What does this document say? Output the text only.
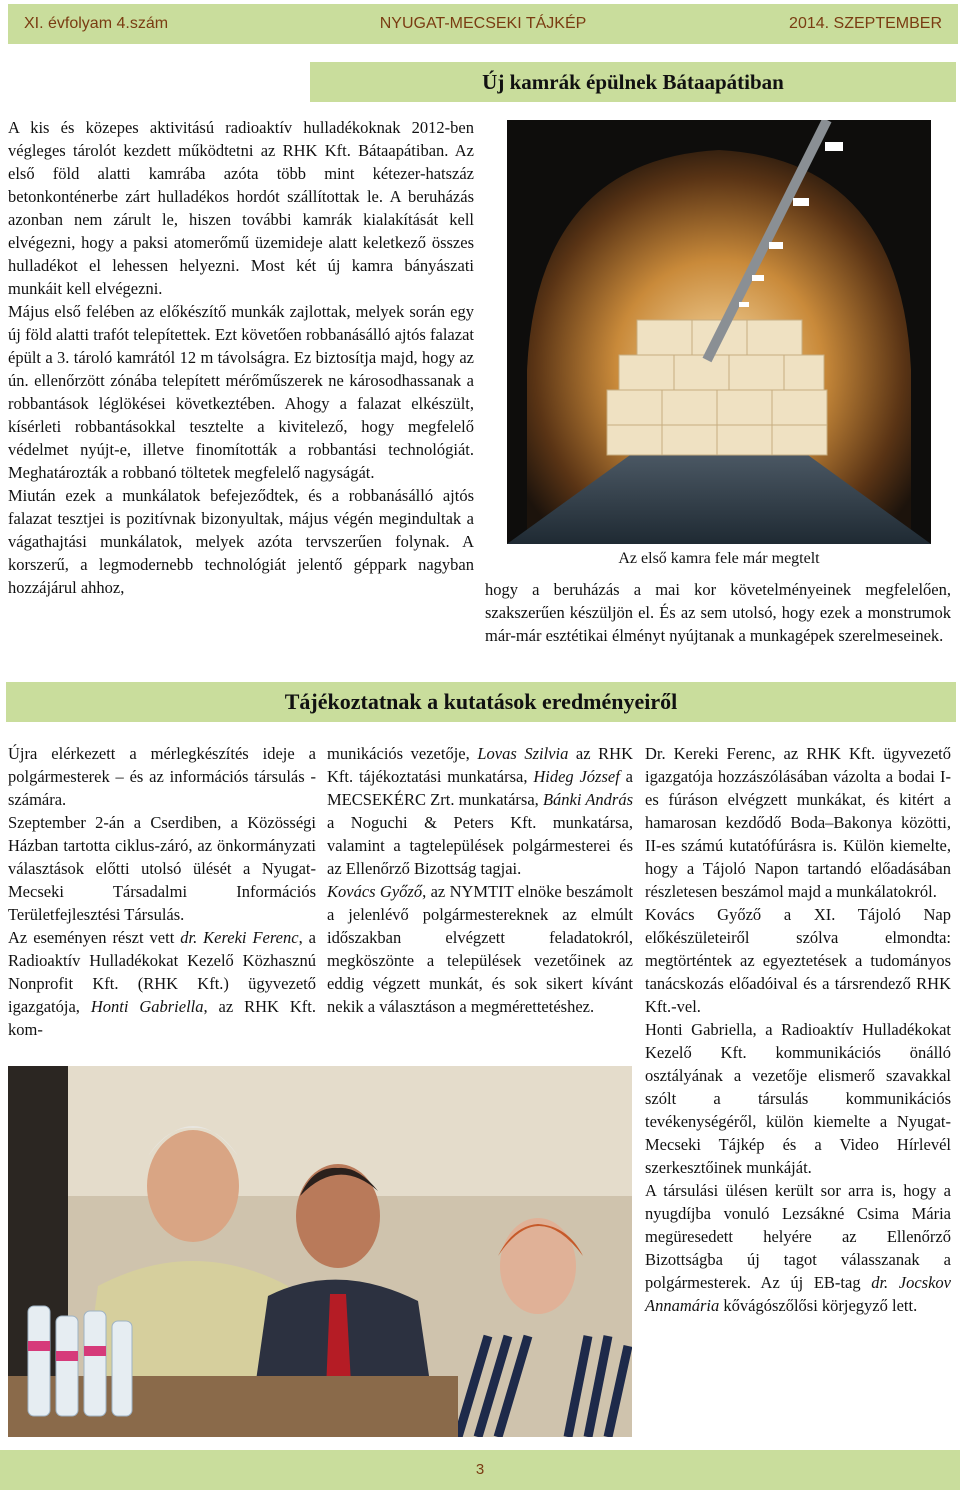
XI. évfolyam 4.szám	NYUGAT-MECSEKI TÁJKÉP	2014. SZEPTEMBER
Új kamrák épülnek Bátaapátiban

A kis és közepes aktivitású radioaktív hulladékoknak 2012-ben végleges tárolót kezdett működtetni az RHK Kft. Bátaapátiban. Az első föld alatti kamrába azóta több mint kétezer-hatszáz betonkonténerbe zárt hulladékos hordót szállítottak le. A beruházás azonban nem zárult le, hiszen további kamrák kialakítását kell elvégezni, hogy a paksi atomerőmű üzemideje alatt keletkező összes hulladékot el lehessen helyezni. Most két új kamra bányászati munkáit kell elvégezni.

Május első felében az előkészítő munkák zajlottak, melyek során egy új föld alatti trafót telepítettek. Ezt követően robbanásálló ajtós falazat épült a 3. tároló kamrától 12 m távolságra. Ez biztosítja majd, hogy az ún. ellenőrzött zónába telepített mérőműszerek ne károsodhassanak a robbantások léglökései következtében. Ahogy a falazat elkészült, kísérleti robbantásokkal tesztelte a kivitelező, hogy megfelelő védelmet nyújt-e, illetve finomították a robbantási technológiát. Meghatározták a robbanó töltetek megfelelő nagyságát.

Miután ezek a munkálatok befejeződtek, és a robbanásálló ajtós falazat tesztjei is pozitívnak bizonyultak, május végén megindultak a vágathajtási munkálatok, melyek azóta tervszerűen folynak. A korszerű, a legmodernebb technológiát jelentő géppark nagyban hozzájárul ahhoz,

Az első kamra fele már megtelt

hogy a beruházás a mai kor követelményeinek megfelelően, szakszerűen készüljön el. És az sem utolsó, hogy ezek a monstrumok már-már esztétikai élményt nyújtanak a munkagépek szerelmeseinek.

Tájékoztatnak a kutatások eredményeiről

Újra elérkezett a mérlegkészítés ideje a polgármesterek – és az információs társulás - számára.

Szeptember 2-án a Cserdiben, a Közösségi Házban tartotta ciklus-záró, az önkormányzati választások előtti utolsó ülését a Nyugat-Mecseki Társadalmi Információs Területfejlesztési Társulás.

Az eseményen részt vett dr. Kereki Ferenc, a Radioaktív Hulladékokat Kezelő Közhasznú Nonprofit Kft. (RHK Kft.) ügyvezető igazgatója, Honti Gabriella, az RHK Kft. kom-

munikációs vezetője, Lovas Szilvia az RHK Kft. tájékoztatási munkatársa, Hideg József a MECSEKÉRC Zrt. munkatársa, Bánki András a Noguchi & Peters Kft. munkatársa, valamint a tagtelepülések polgármesterei és az Ellenőrző Bizottság tagjai.

Kovács Győző, az NYMTIT elnöke beszámolt a jelenlévő polgármestereknek az elmúlt időszakban elvégzett feladatokról, megköszönte a települések vezetőinek az eddig végzett munkát, és sok sikert kívánt nekik a választáson a megmérettetéshez.

Dr. Kereki Ferenc, az RHK Kft. ügyvezető igazgatója hozzászólásában vázolta a bodai I-es fúráson elvégzett munkákat, és kitért a hamarosan kezdődő Boda–Bakonya közötti, II-es számú kutatófúrásra is. Külön kiemelte, hogy a Tájoló Napon tartandó előadásában részletesen beszámol majd a munkálatokról.

Kovács Győző a XI. Tájoló Nap előkészületeiről szólva elmondta: megtörténtek az egyeztetések a tudományos tanácskozás előadóival és a társrendező RHK Kft.-vel.

Honti Gabriella, a Radioaktív Hulladékokat Kezelő Kft. kommunikációs önálló osztályának a vezetője elismerő szavakkal szólt a társulás kommunikációs tevékenységéről, külön kiemelte a Nyugat-Mecseki Tájkép és a Video Hírlevél szerkesztőinek munkáját.

A társulási ülésen került sor arra is, hogy a nyugdíjba vonuló Lezsákné Csima Mária megüresedett helyére az Ellenőrző Bizottságba új tagot válasszanak a polgármesterek. Az új EB-tag dr. Jocskov Annamária kővágószőlősi körjegyző lett.

3
